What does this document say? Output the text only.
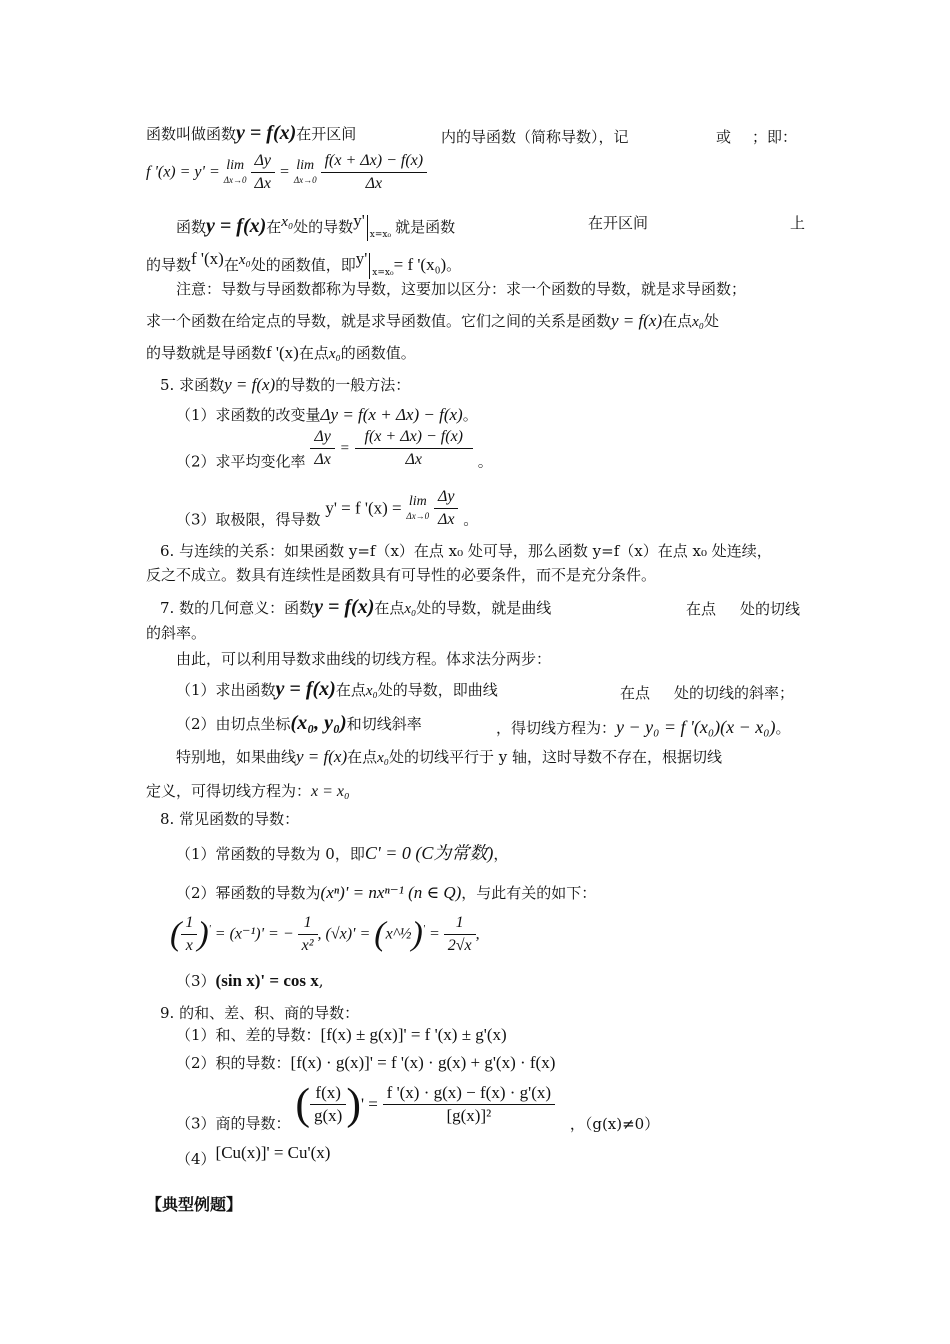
函数叫做函数y = f(x)在开区间	内的导函数（简称导数），记	或 ；即：
f '(x) = y' = lim
Δx→0
$\frac{\Delta y}{\Delta x} = \lim$
Δx→0
$\frac{f(x + \Delta x) - f(x)}{\Delta x}$
函数y = f(x)在x₀处的导数y'x=x₀ 就是函数	在开区间	上
的导数f '(x)在x₀处的函数值，即y'x=x₀= f '(x₀)。
注意：导数与导函数都称为导数，这要加以区分：求一个函数的导数，就是求导函数；
求一个函数在给定点的导数，就是求导函数值。它们之间的关系是函数y = f(x)在点x₀处
的导数就是导函数f '(x)在点x₀的函数值。
5. 求函数y = f(x)的导数的一般方法：
（1）求函数的改变量Δy = f(x + Δx) − f(x)。
（2）求平均变化率 $\frac{\Delta y}{\Delta x} = \frac{f(x + \Delta x) - f(x)}{\Delta x}$ 。
（3）取极限，得导数 y' = f '(x) = lim
Δx→0
$\frac{\Delta y}{\Delta x}$ 。
6. 与连续的关系：如果函数 y=f（x）在点 x₀ 处可导，那么函数 y=f（x）在点 x₀ 处连续，
反之不成立。数具有连续性是函数具有可导性的必要条件，而不是充分条件。
7. 数的几何意义：函数y = f(x)在点x₀处的导数，就是曲线	在点 处的切线
的斜率。
由此，可以利用导数求曲线的切线方程。体求法分两步：
（1）求出函数y = f(x)在点x₀处的导数，即曲线	在点 处的切线的斜率；
（2）由切点坐标(x₀, y₀)和切线斜率	，得切线方程为：y − y₀ = f '(x₀)(x − x₀)。
特别地，如果曲线y = f(x)在点x₀处的切线平行于 y 轴，这时导数不存在，根据切线
定义，可得切线方程为：x = x₀
8. 常见函数的导数：
（1）常函数的导数为 0，即C' = 0 (C为常数)，
（2）幂函数的导数为(xⁿ)' = nxⁿ⁻¹ (n ∈ Q)，与此有关的如下：
( $\frac{1}{x} )' = (x^{-1})'$ = − $\frac{1}{\text{x²}}$ , (√x)' = (x^½)' = $\frac{1}{2√x}$ ,
（3）(sin x)' = cos x,
9. 的和、差、积、商的导数：
（1）和、差的导数：[f(x) ± g(x)]' = f '(x) ± g'(x)
（2）积的导数：[f(x) · g(x)]' = f '(x) · g(x) + g'(x) · f(x)
（3）商的导数： ( $\frac{f(x)}{g(x)}$ )' = $\frac{f '(x) \cdot g(x) - f(x) \cdot g'(x)}{\text{[g(x)]²}}$ ，（g(x)≠0）
（4）[Cu(x)]' = Cu'(x)
【典型例题】
